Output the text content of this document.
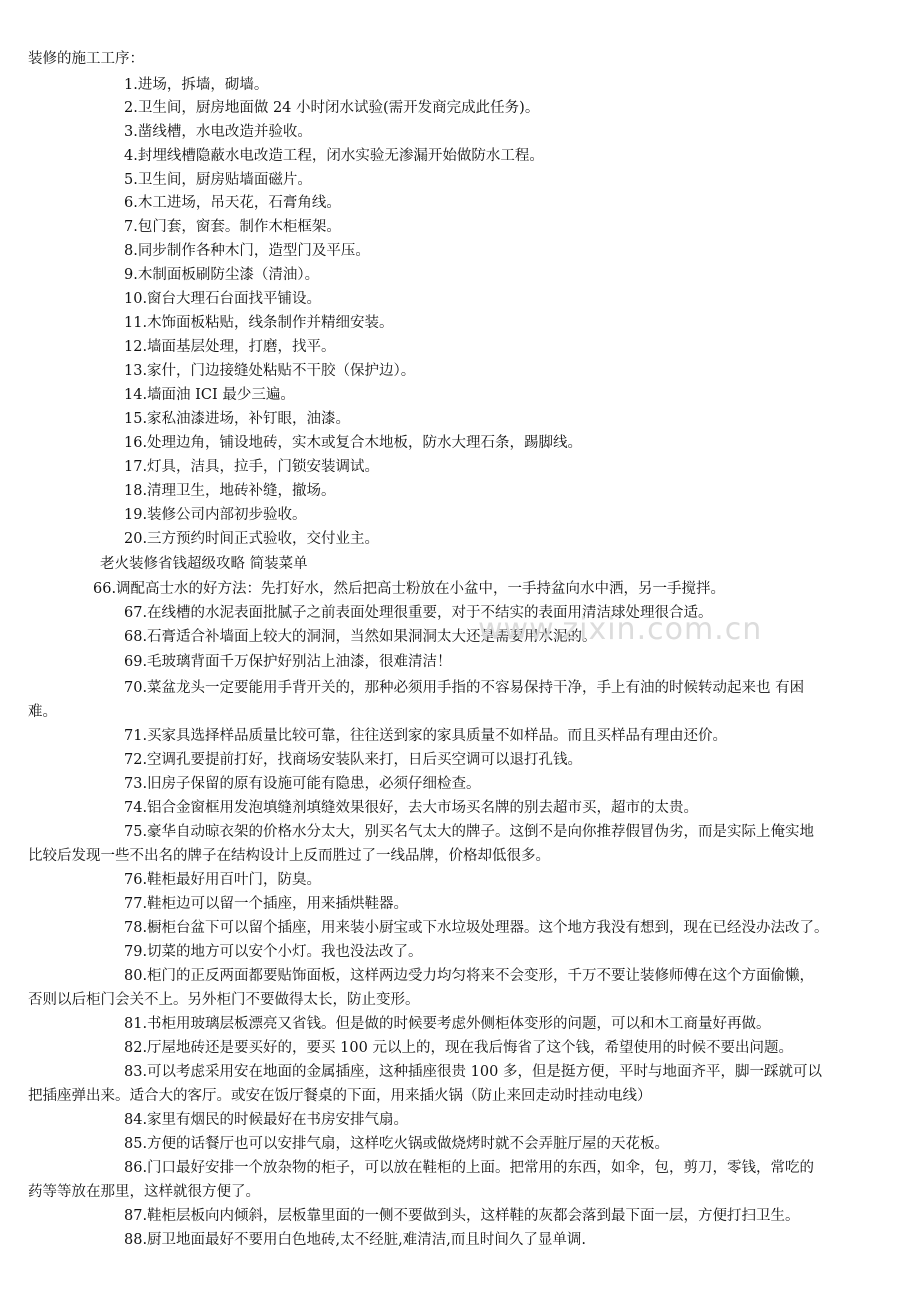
装修的施工工序：
1.进场，拆墙，砌墙。
2.卫生间，厨房地面做 24 小时闭水试验(需开发商完成此任务)。
3.凿线槽，水电改造并验收。
4.封埋线槽隐蔽水电改造工程，闭水实验无渗漏开始做防水工程。
5.卫生间，厨房贴墙面磁片。
6.木工进场，吊天花，石膏角线。
7.包门套，窗套。制作木柜框架。
8.同步制作各种木门，造型门及平压。
9.木制面板刷防尘漆（清油）。
10.窗台大理石台面找平铺设。
11.木饰面板粘贴，线条制作并精细安装。
12.墙面基层处理，打磨，找平。
13.家什，门边接缝处粘贴不干胶（保护边）。
14.墙面油 ICI 最少三遍。
15.家私油漆进场，补钉眼，油漆。
16.处理边角，铺设地砖，实木或复合木地板，防水大理石条，踢脚线。
17.灯具，洁具，拉手，门锁安装调试。
18.清理卫生，地砖补缝，撤场。
19.装修公司内部初步验收。
20.三方预约时间正式验收，交付业主。
老火装修省钱超级攻略 简装菜单
66.调配高士水的好方法：先打好水，然后把高士粉放在小盆中，一手持盆向水中洒，另一手搅拌。
67.在线槽的水泥表面批腻子之前表面处理很重要，对于不结实的表面用清洁球处理很合适。
68.石膏适合补墙面上较大的洞洞，当然如果洞洞太大还是需要用水泥的。
69.毛玻璃背面千万保护好别沾上油漆，很难清洁！
70.菜盆龙头一定要能用手背开关的，那种必须用手指的不容易保持干净，手上有油的时候转动起来也 有困
难。
71.买家具选择样品质量比较可靠，往往送到家的家具质量不如样品。而且买样品有理由还价。
72.空调孔要提前打好，找商场安装队来打，日后买空调可以退打孔钱。
73.旧房子保留的原有设施可能有隐患，必须仔细检查。
74.铝合金窗框用发泡填缝剂填缝效果很好，去大市场买名牌的别去超市买，超市的太贵。
75.豪华自动晾衣架的价格水分太大，别买名气太大的牌子。这倒不是向你推荐假冒伪劣，而是实际上俺实地
比较后发现一些不出名的牌子在结构设计上反而胜过了一线品牌，价格却低很多。
76.鞋柜最好用百叶门，防臭。
77.鞋柜边可以留一个插座，用来插烘鞋器。
78.橱柜台盆下可以留个插座，用来装小厨宝或下水垃圾处理器。这个地方我没有想到，现在已经没办法改了。
79.切菜的地方可以安个小灯。我也没法改了。
80.柜门的正反两面都要贴饰面板，这样两边受力均匀将来不会变形，千万不要让装修师傅在这个方面偷懒，
否则以后柜门会关不上。另外柜门不要做得太长，防止变形。
81.书柜用玻璃层板漂亮又省钱。但是做的时候要考虑外侧柜体变形的问题，可以和木工商量好再做。
82.厅屋地砖还是要买好的，要买 100 元以上的，现在我后悔省了这个钱，希望使用的时候不要出问题。
83.可以考虑采用安在地面的金属插座，这种插座很贵 100 多，但是挺方便，平时与地面齐平，脚一踩就可以
把插座弹出来。适合大的客厅。或安在饭厅餐桌的下面，用来插火锅（防止来回走动时挂动电线）
84.家里有烟民的时候最好在书房安排气扇。
85.方便的话餐厅也可以安排气扇，这样吃火锅或做烧烤时就不会弄脏厅屋的天花板。
86.门口最好安排一个放杂物的柜子，可以放在鞋柜的上面。把常用的东西，如伞，包，剪刀，零钱，常吃的
药等等放在那里，这样就很方便了。
87.鞋柜层板向内倾斜，层板靠里面的一侧不要做到头，这样鞋的灰都会落到最下面一层，方便打扫卫生。
88.厨卫地面最好不要用白色地砖,太不经脏,难清洁,而且时间久了显单调.
www.zixin.com.cn
